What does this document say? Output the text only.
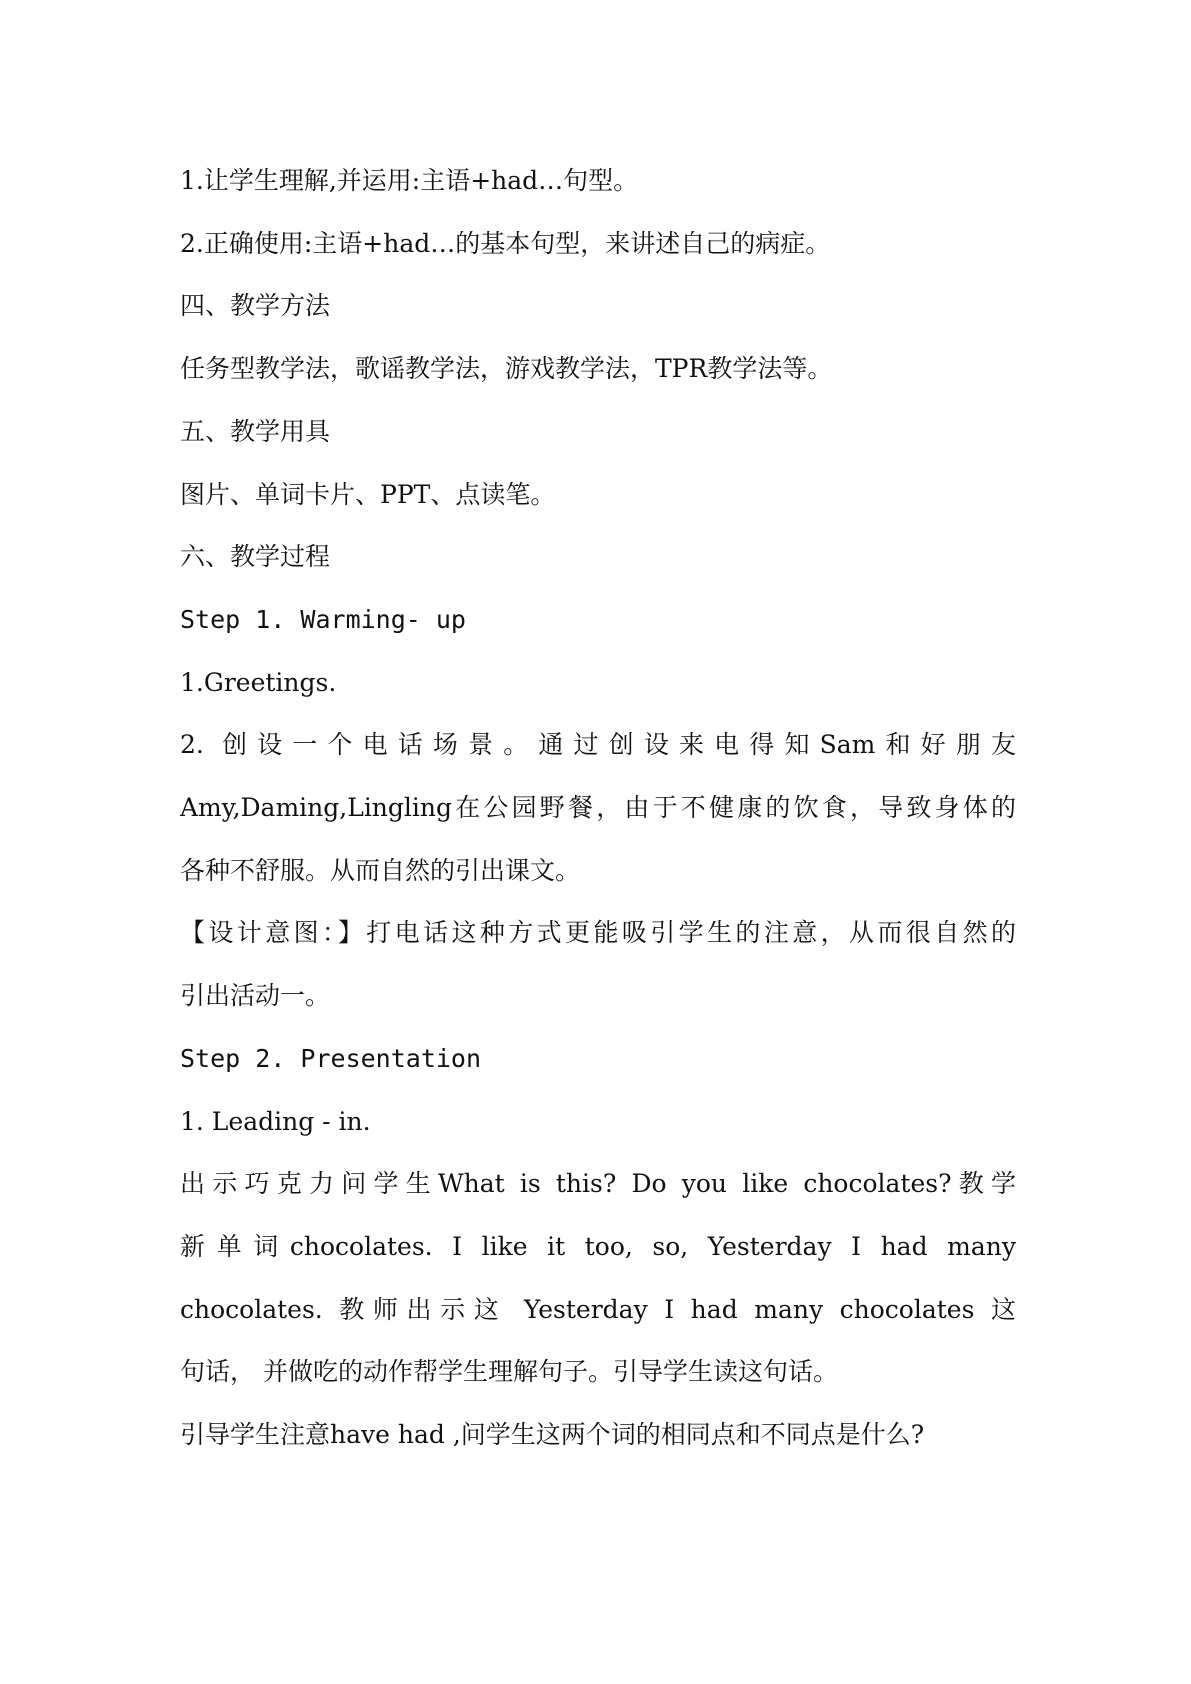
1.让学生理解,并运用:主语+had…句型。

2.正确使用:主语+had…的基本句型，来讲述自己的病症。

四、教学方法

任务型教学法，歌谣教学法，游戏教学法，TPR教学法等。

五、教学用具

图片、单词卡片、PPT、点读笔。

六、教学过程

Step 1. Warming- up

1.Greetings.

2. 创设一个电话场景。通过创设来电得知Sam和好朋友

Amy,Daming,Lingling在公园野餐，由于不健康的饮食，导致身体的

各种不舒服。从而自然的引出课文。

【设计意图：】打电话这种方式更能吸引学生的注意，从而很自然的

引出活动一。

Step 2. Presentation

1. Leading - in.

出示巧克力问学生What is this? Do you like chocolates?教学

新单词chocolates. I like it too, so, Yesterday I had many

chocolates. 教师出示这 Yesterday I had many chocolates 这

句话， 并做吃的动作帮学生理解句子。引导学生读这句话。

引导学生注意have had ,问学生这两个词的相同点和不同点是什么?
